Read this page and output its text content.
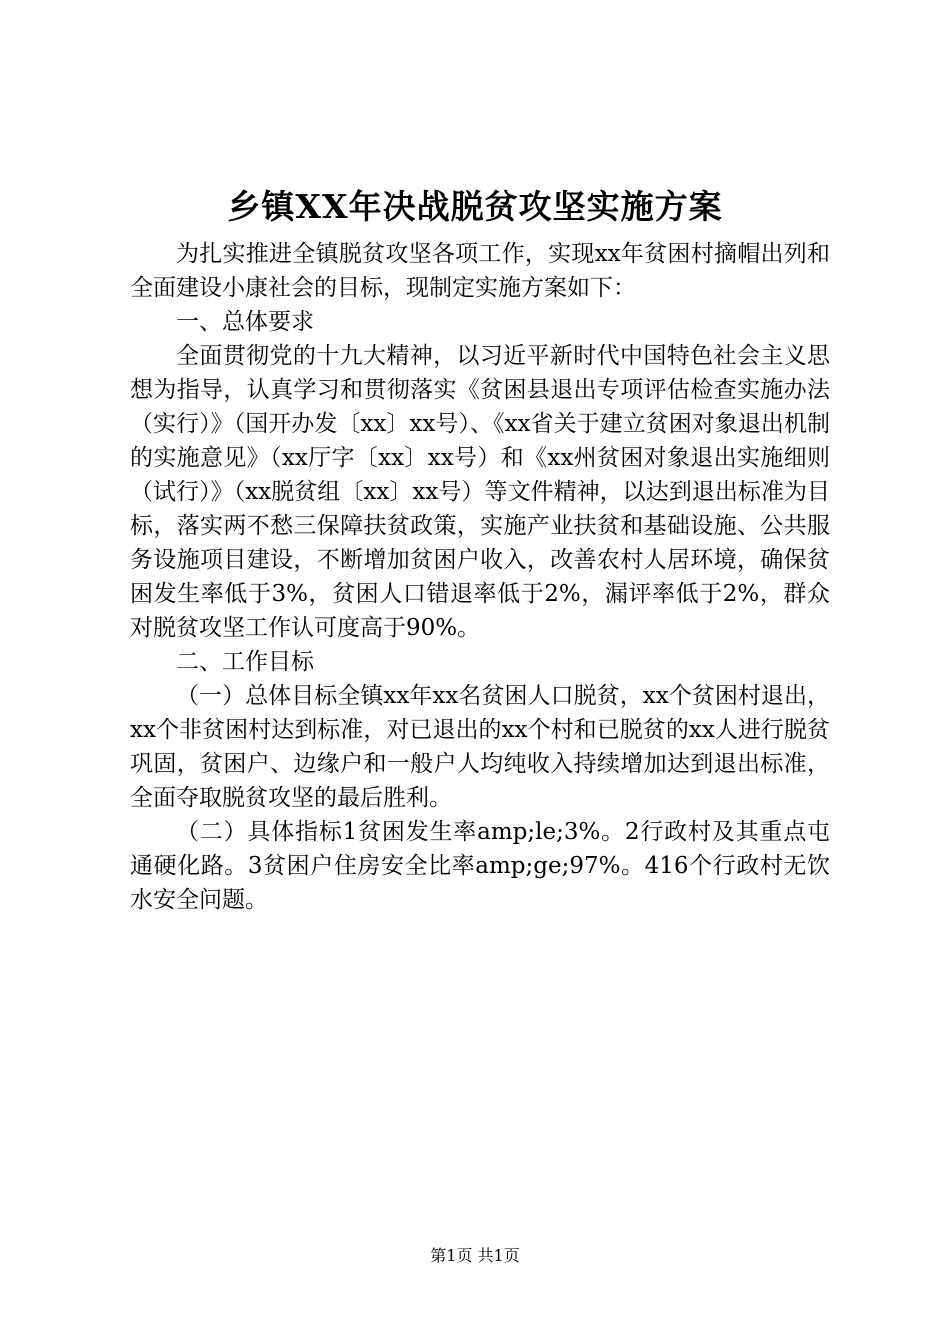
乡镇XX年决战脱贫攻坚实施方案

为扎实推进全镇脱贫攻坚各项工作，实现xx年贫困村摘帽出列和全面建设小康社会的目标，现制定实施方案如下：

一、总体要求

全面贯彻党的十九大精神，以习近平新时代中国特色社会主义思想为指导，认真学习和贯彻落实《贫困县退出专项评估检查实施办法（实行）》（国开办发〔xx〕xx号）、《xx省关于建立贫困对象退出机制的实施意见》（xx厅字〔xx〕xx号）和《xx州贫困对象退出实施细则（试行）》（xx脱贫组〔xx〕xx号）等文件精神，以达到退出标准为目标，落实两不愁三保障扶贫政策，实施产业扶贫和基础设施、公共服务设施项目建设，不断增加贫困户收入，改善农村人居环境，确保贫困发生率低于3%，贫困人口错退率低于2%，漏评率低于2%，群众对脱贫攻坚工作认可度高于90%。

二、工作目标

（一）总体目标全镇xx年xx名贫困人口脱贫，xx个贫困村退出，xx个非贫困村达到标准，对已退出的xx个村和已脱贫的xx人进行脱贫巩固，贫困户、边缘户和一般户人均纯收入持续增加达到退出标准，全面夺取脱贫攻坚的最后胜利。

（二）具体指标1贫困发生率amp;le;3%。2行政村及其重点屯通硬化路。3贫困户住房安全比率amp;ge;97%。416个行政村无饮水安全问题。

第1页 共1页
